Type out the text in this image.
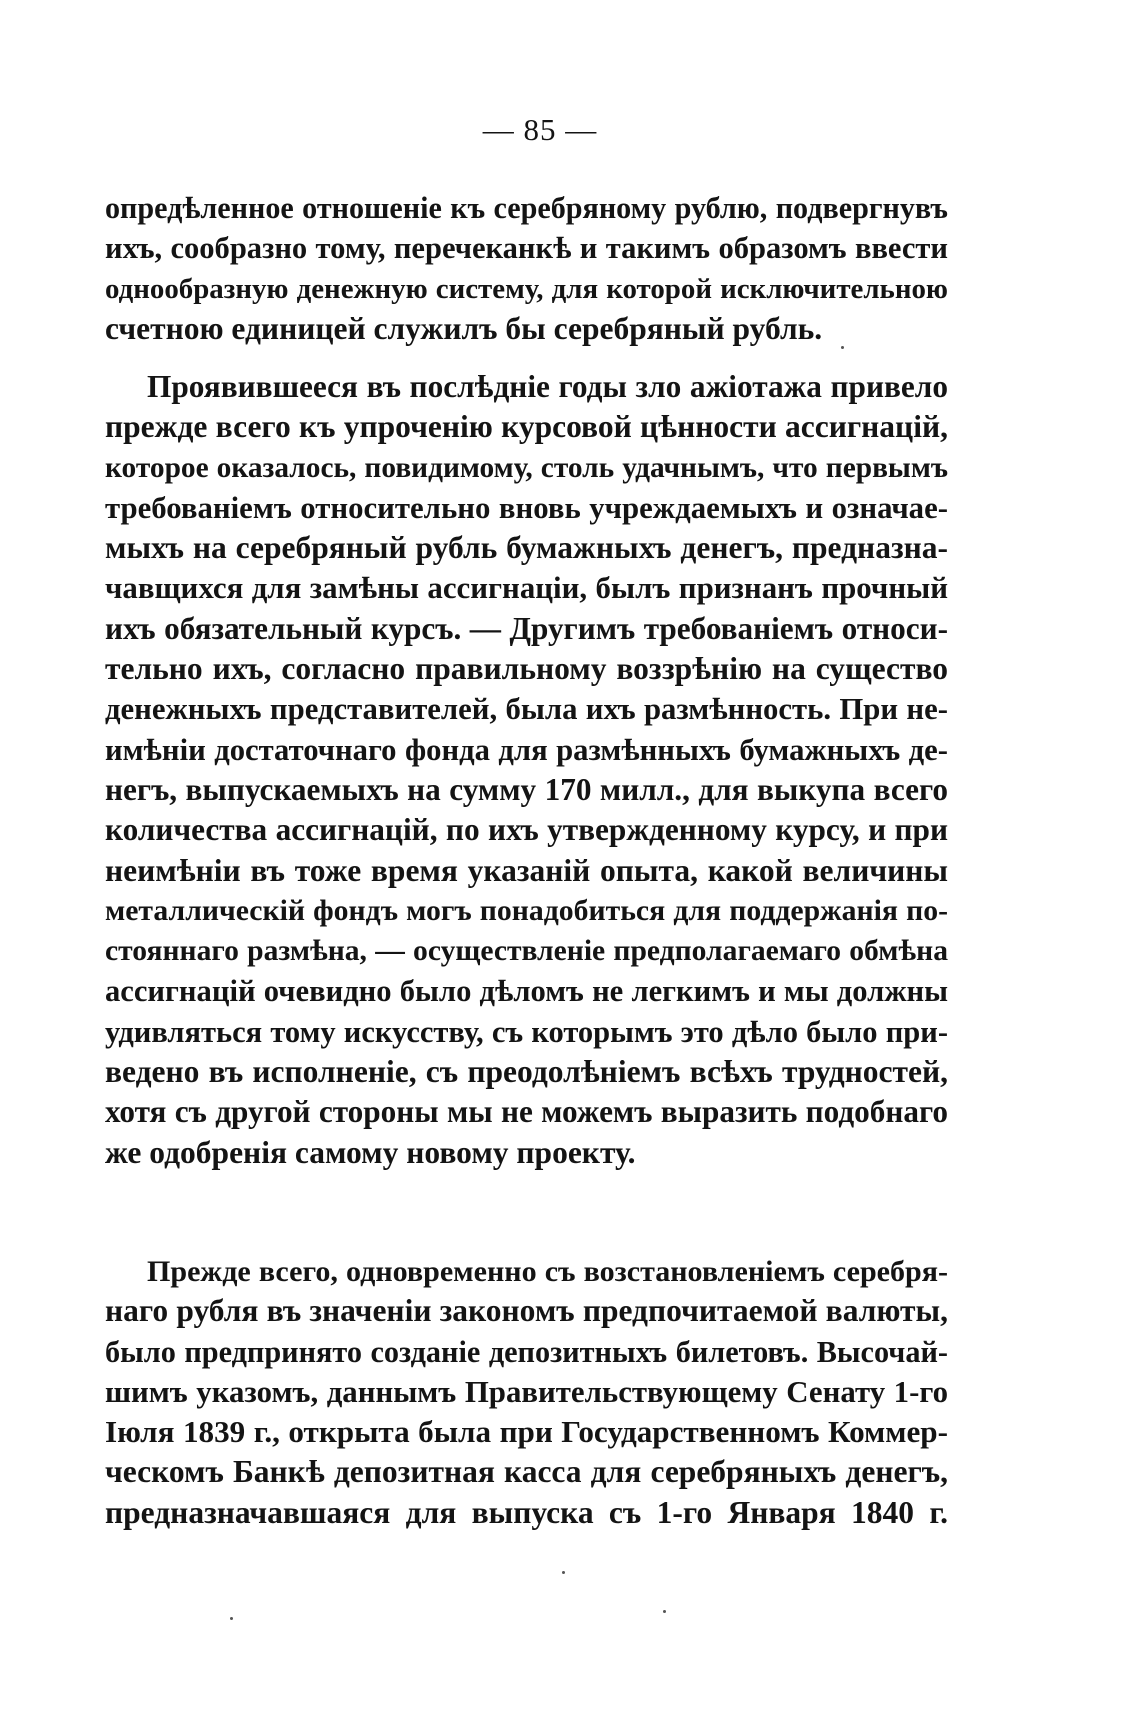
— 85 —
опредѣленное отношеніе къ серебряному рублю, подвергнувъ
ихъ, сообразно тому, перечеканкѣ и такимъ образомъ ввести
однообразную денежную систему, для которой исключительною
счетною единицей служилъ бы серебряный рубль.
Проявившееся въ послѣдніе годы зло ажіотажа привело
прежде всего къ упроченію курсовой цѣнности ассигнацій,
которое оказалось, повидимому, столь удачнымъ, что первымъ
требованіемъ относительно вновь учреждаемыхъ и означае-
мыхъ на серебряный рубль бумажныхъ денегъ, предназна-
чавщихся для замѣны ассигнаціи, былъ признанъ прочный
ихъ обязательный курсъ. — Другимъ требованіемъ относи-
тельно ихъ, согласно правильному воззрѣнію на существо
денежныхъ представителей, была ихъ размѣнность. При не-
имѣніи достаточнаго фонда для размѣнныхъ бумажныхъ де-
негъ, выпускаемыхъ на сумму 170 милл., для выкупа всего
количества ассигнацій, по ихъ утвержденному курсу, и при
неимѣніи въ тоже время указаній опыта, какой величины
металлическій фондъ могъ понадобиться для поддержанія по-
стояннаго размѣна, — осуществленіе предполагаемаго обмѣна
ассигнацій очевидно было дѣломъ не легкимъ и мы должны
удивляться тому искусству, съ которымъ это дѣло было при-
ведено въ исполненіе, съ преодолѣніемъ всѣхъ трудностей,
хотя съ другой стороны мы не можемъ выразить подобнаго
же одобренія самому новому проекту.
Прежде всего, одновременно съ возстановленіемъ серебря-
наго рубля въ значеніи закономъ предпочитаемой валюты,
было предпринято созданіе депозитныхъ билетовъ. Высочай-
шимъ указомъ, даннымъ Правительствующему Сенату 1-го
Іюля 1839 г., открыта была при Государственномъ Коммер-
ческомъ Банкѣ депозитная касса для серебряныхъ денегъ,
предназначавшаяся для выпуска съ 1-го Января 1840 г.
